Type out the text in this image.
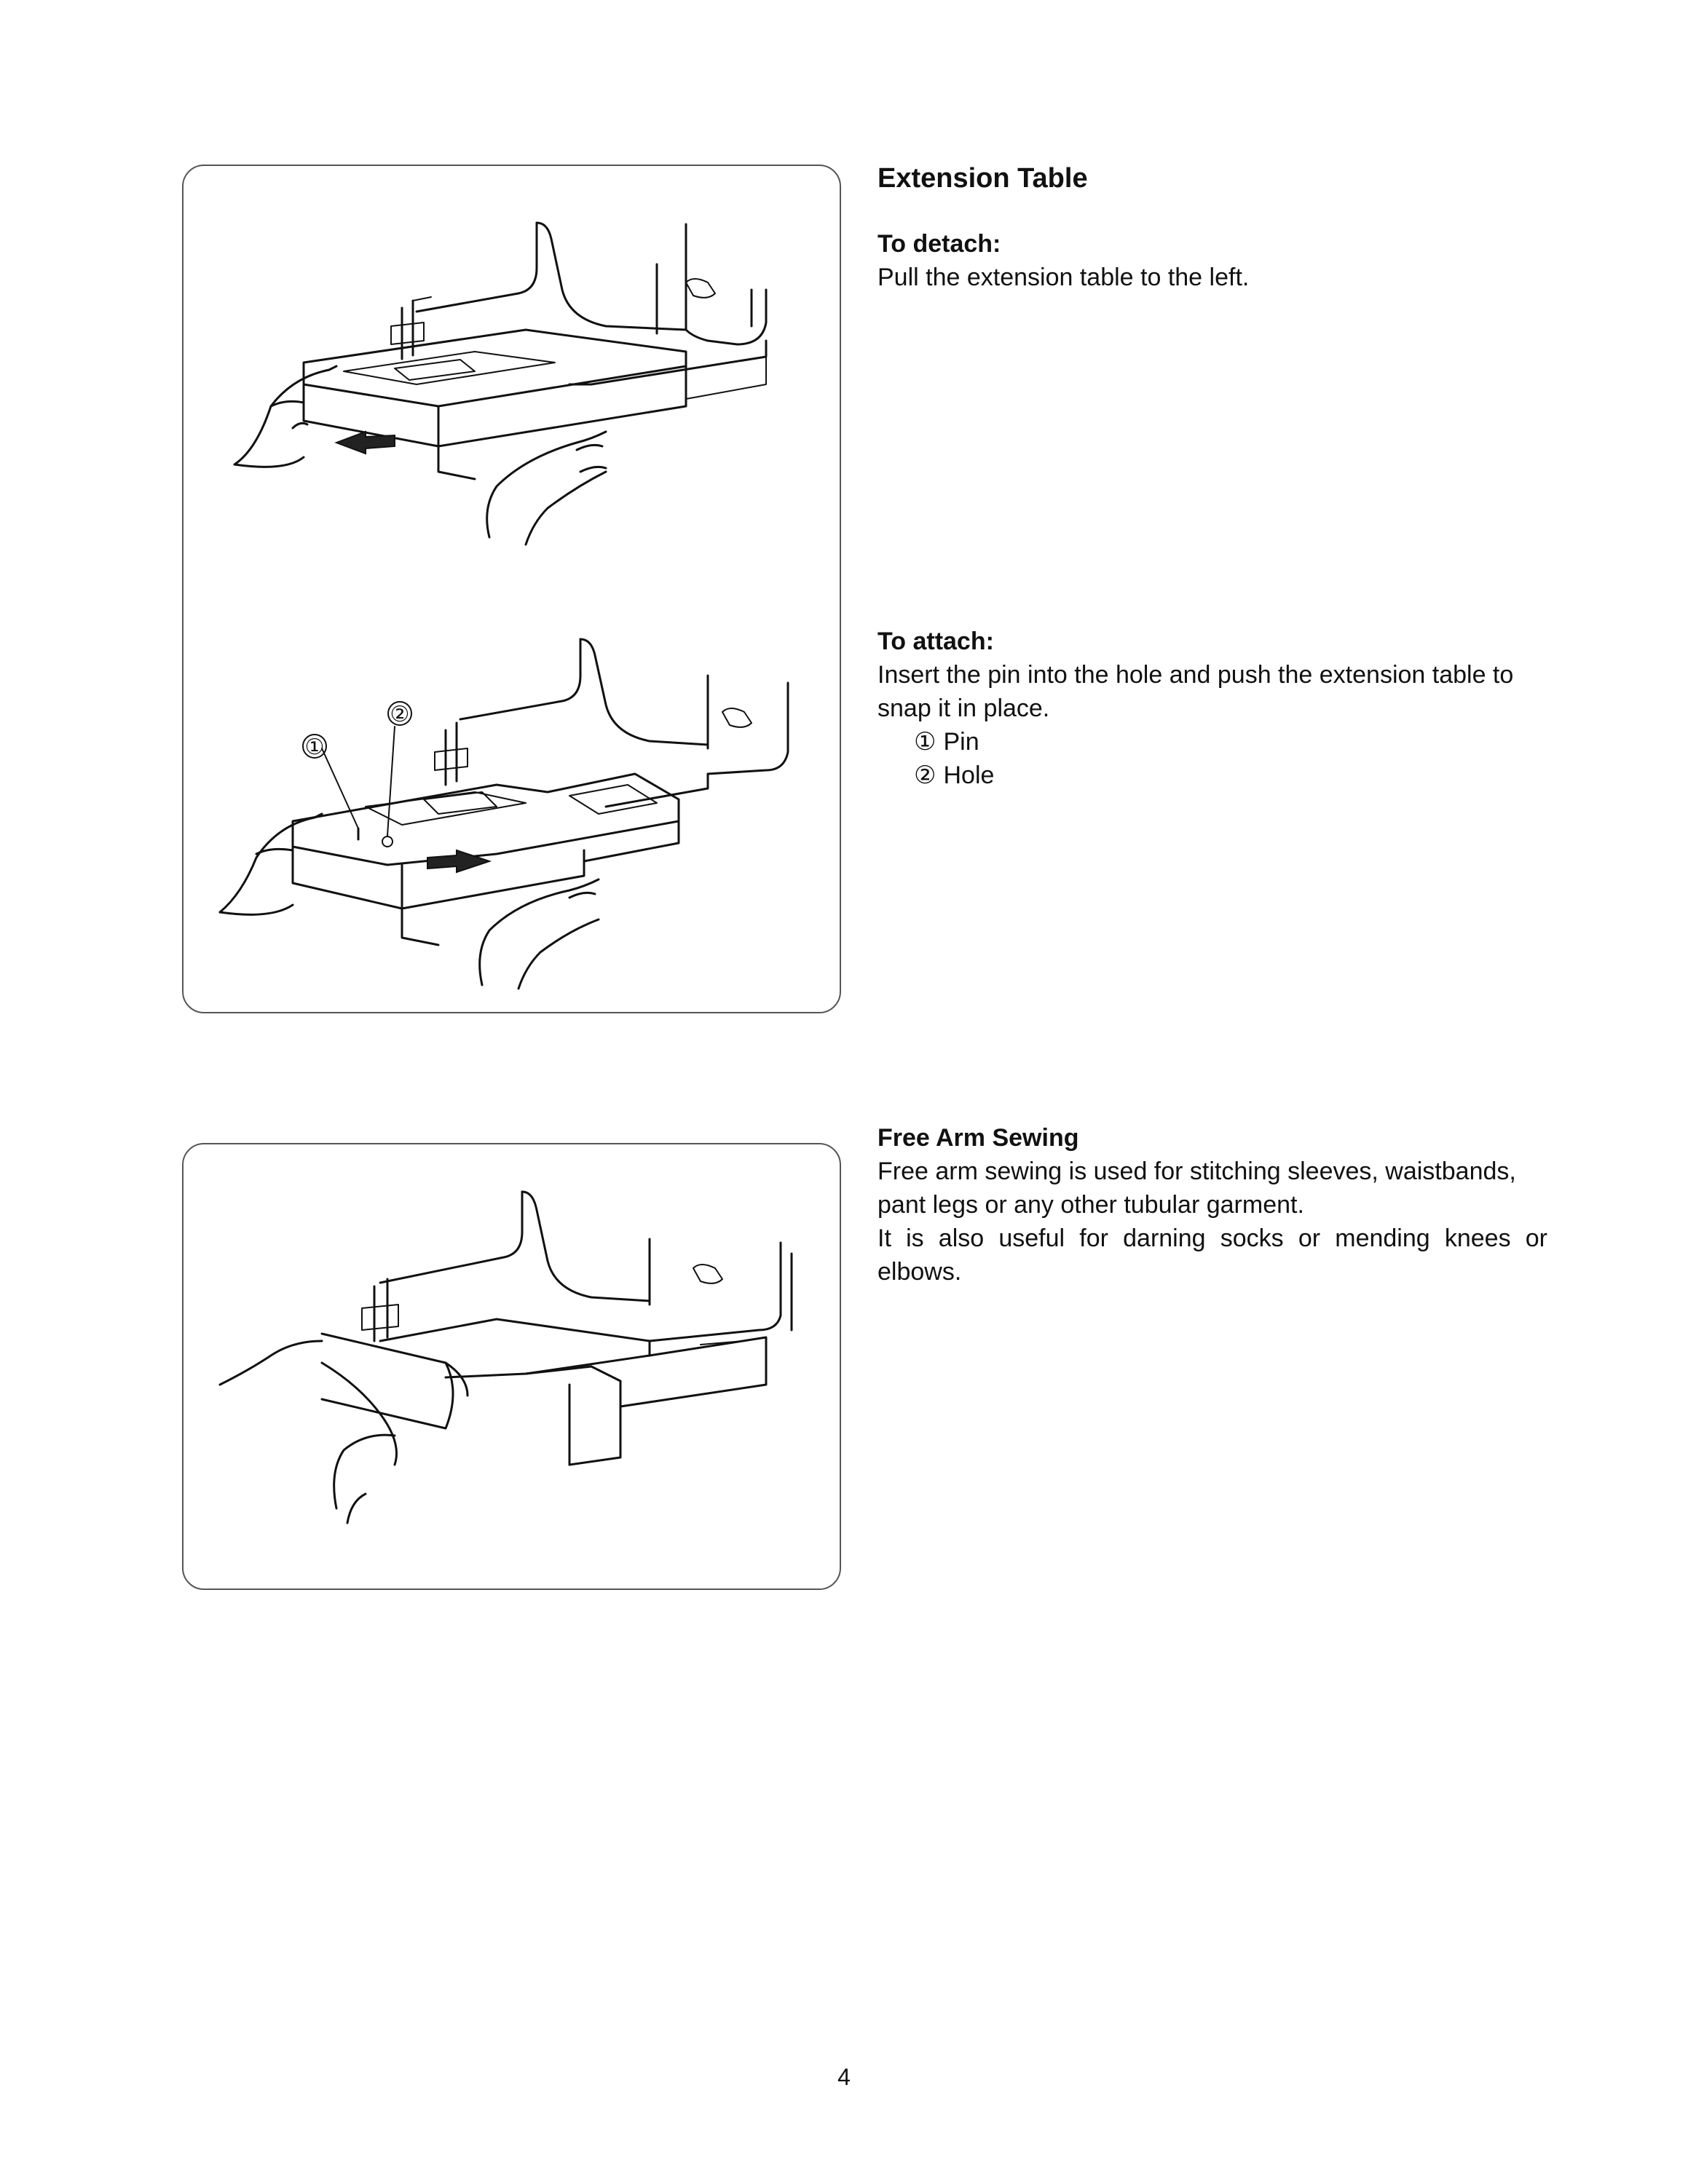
①
②
Extension Table
To detach:

Pull the extension table to the left.

To attach:

Insert the pin into the hole and push the extension table to snap it in place.

① Pin
② Hole
Free Arm Sewing

Free arm sewing is used for stitching sleeves, waistbands, pant legs or any other tubular garment.

It is also useful for darning socks or mending knees or elbows.

4
